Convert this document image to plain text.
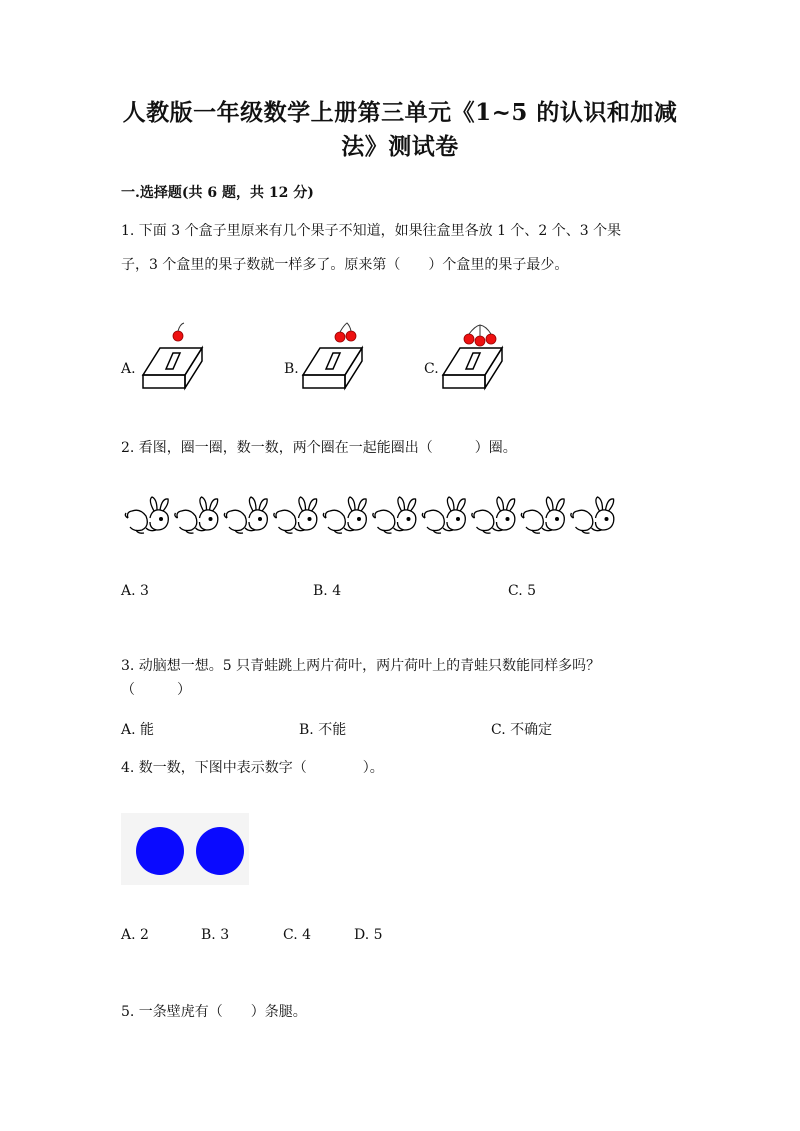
人教版一年级数学上册第三单元《1~5 的认识和加减
法》测试卷
一.选择题(共 6 题，共 12 分)
1. 下面 3 个盒子里原来有几个果子不知道，如果往盒里各放 1 个、2 个、3 个果
子，3 个盒里的果子数就一样多了。原来第（　　）个盒里的果子最少。
A.	B.	C.
2. 看图，圈一圈，数一数，两个圈在一起能圈出（　　　）圈。
A. 3	B. 4	C. 5
3. 动脑想一想。5 只青蛙跳上两片荷叶，两片荷叶上的青蛙只数能同样多吗？
（　　　）
A. 能	B. 不能	C. 不确定
4. 数一数，下图中表示数字（　　　　）。
A. 2	B. 3	C. 4	D. 5
5. 一条壁虎有（　　）条腿。
